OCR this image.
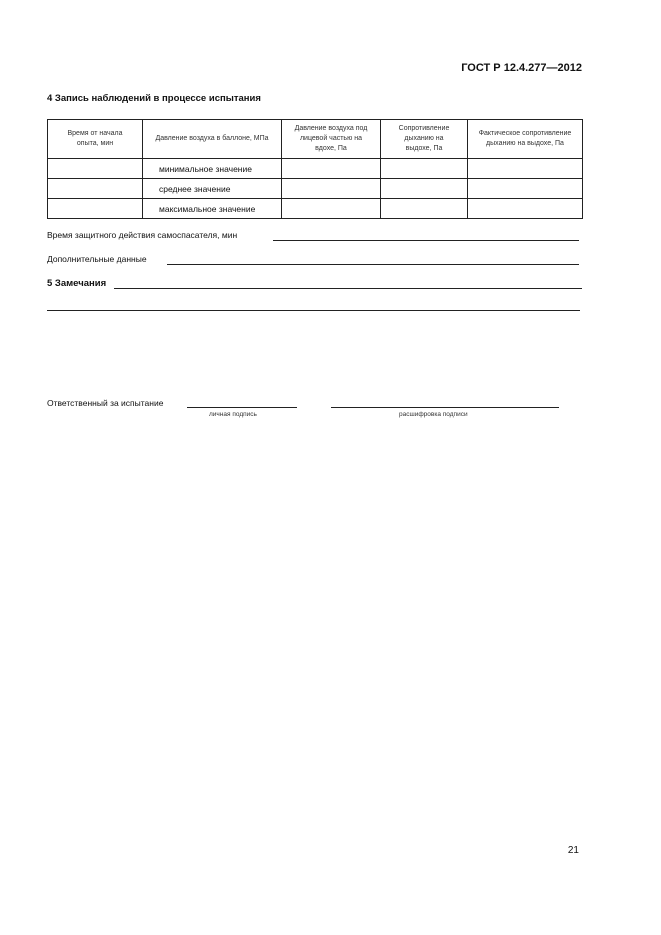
ГОСТ Р 12.4.277—2012
4 Запись наблюдений в процессе испытания
Время от начала опыта, мин	Давление воздуха в баллоне, МПа	Давление воздуха под лицевой частью на вдохе, Па	Сопротивление дыханию на выдохе, Па	Фактическое сопротивление дыханию на выдохе, Па
	минимальное значение			
	среднее значение			
	максимальное значение			
Время защитного действия самоспасателя, мин
Дополнительные данные
5 Замечания
Ответственный за испытание
личная подпись	расшифровка подписи
21
